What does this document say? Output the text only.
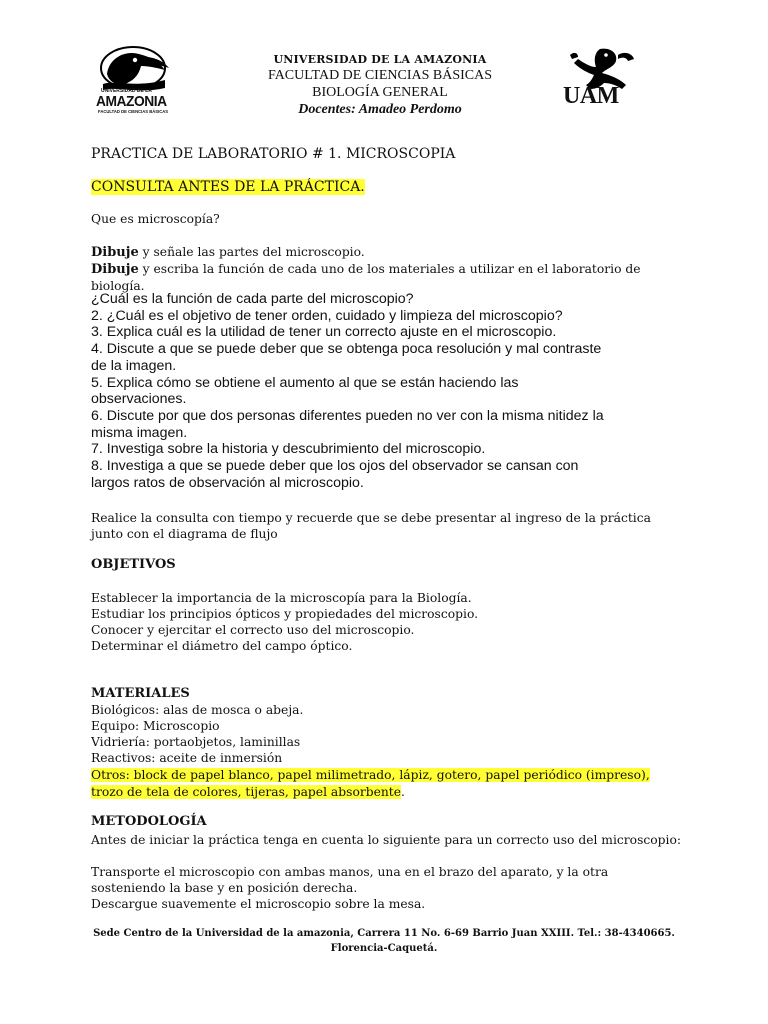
UNIVERSIDAD DE LA
AMAZONIA
FACULTAD DE CIENCIAS BÁSICAS
UNIVERSIDAD DE LA AMAZONIA
FACULTAD DE CIENCIAS BÁSICAS
BIOLOGÍA GENERAL
Docentes: Amadeo Perdomo
UAM
PRACTICA DE LABORATORIO # 1. MICROSCOPIA
CONSULTA ANTES DE LA PRÁCTICA.
Que es microscopía?
Dibuje y señale las partes del microscopio.
Dibuje y escriba la función de cada uno de los materiales a utilizar en el laboratorio de
biología.
¿Cuál es la función de cada parte del microscopio?
2. ¿Cuál es el objetivo de tener orden, cuidado y limpieza del microscopio?
3. Explica cuál es la utilidad de tener un correcto ajuste en el microscopio.
4. Discute a que se puede deber que se obtenga poca resolución y mal contraste
de la imagen.
5. Explica cómo se obtiene el aumento al que se están haciendo las
observaciones.
6. Discute por que dos personas diferentes pueden no ver con la misma nitidez la
misma imagen.
7. Investiga sobre la historia y descubrimiento del microscopio.
8. Investiga a que se puede deber que los ojos del observador se cansan con
largos ratos de observación al microscopio.
Realice la consulta con tiempo y recuerde que se debe presentar al ingreso de la práctica
junto con el diagrama de flujo
OBJETIVOS
Establecer la importancia de la microscopía para la Biología.
Estudiar los principios ópticos y propiedades del microscopio.
Conocer y ejercitar el correcto uso del microscopio.
Determinar el diámetro del campo óptico.
MATERIALES
Biológicos: alas de mosca o abeja.
Equipo: Microscopio
Vidriería: portaobjetos, laminillas
Reactivos: aceite de inmersión
Otros: block de papel blanco, papel milimetrado, lápiz, gotero, papel periódico (impreso),
trozo de tela de colores, tijeras, papel absorbente.
METODOLOGÍA
Antes de iniciar la práctica tenga en cuenta lo siguiente para un correcto uso del microscopio:
Transporte el microscopio con ambas manos, una en el brazo del aparato, y la otra
sosteniendo la base y en posición derecha.
Descargue suavemente el microscopio sobre la mesa.
Sede Centro de la Universidad de la amazonia, Carrera 11 No. 6-69 Barrio Juan XXIII. Tel.: 38-4340665.
Florencia-Caquetá.
